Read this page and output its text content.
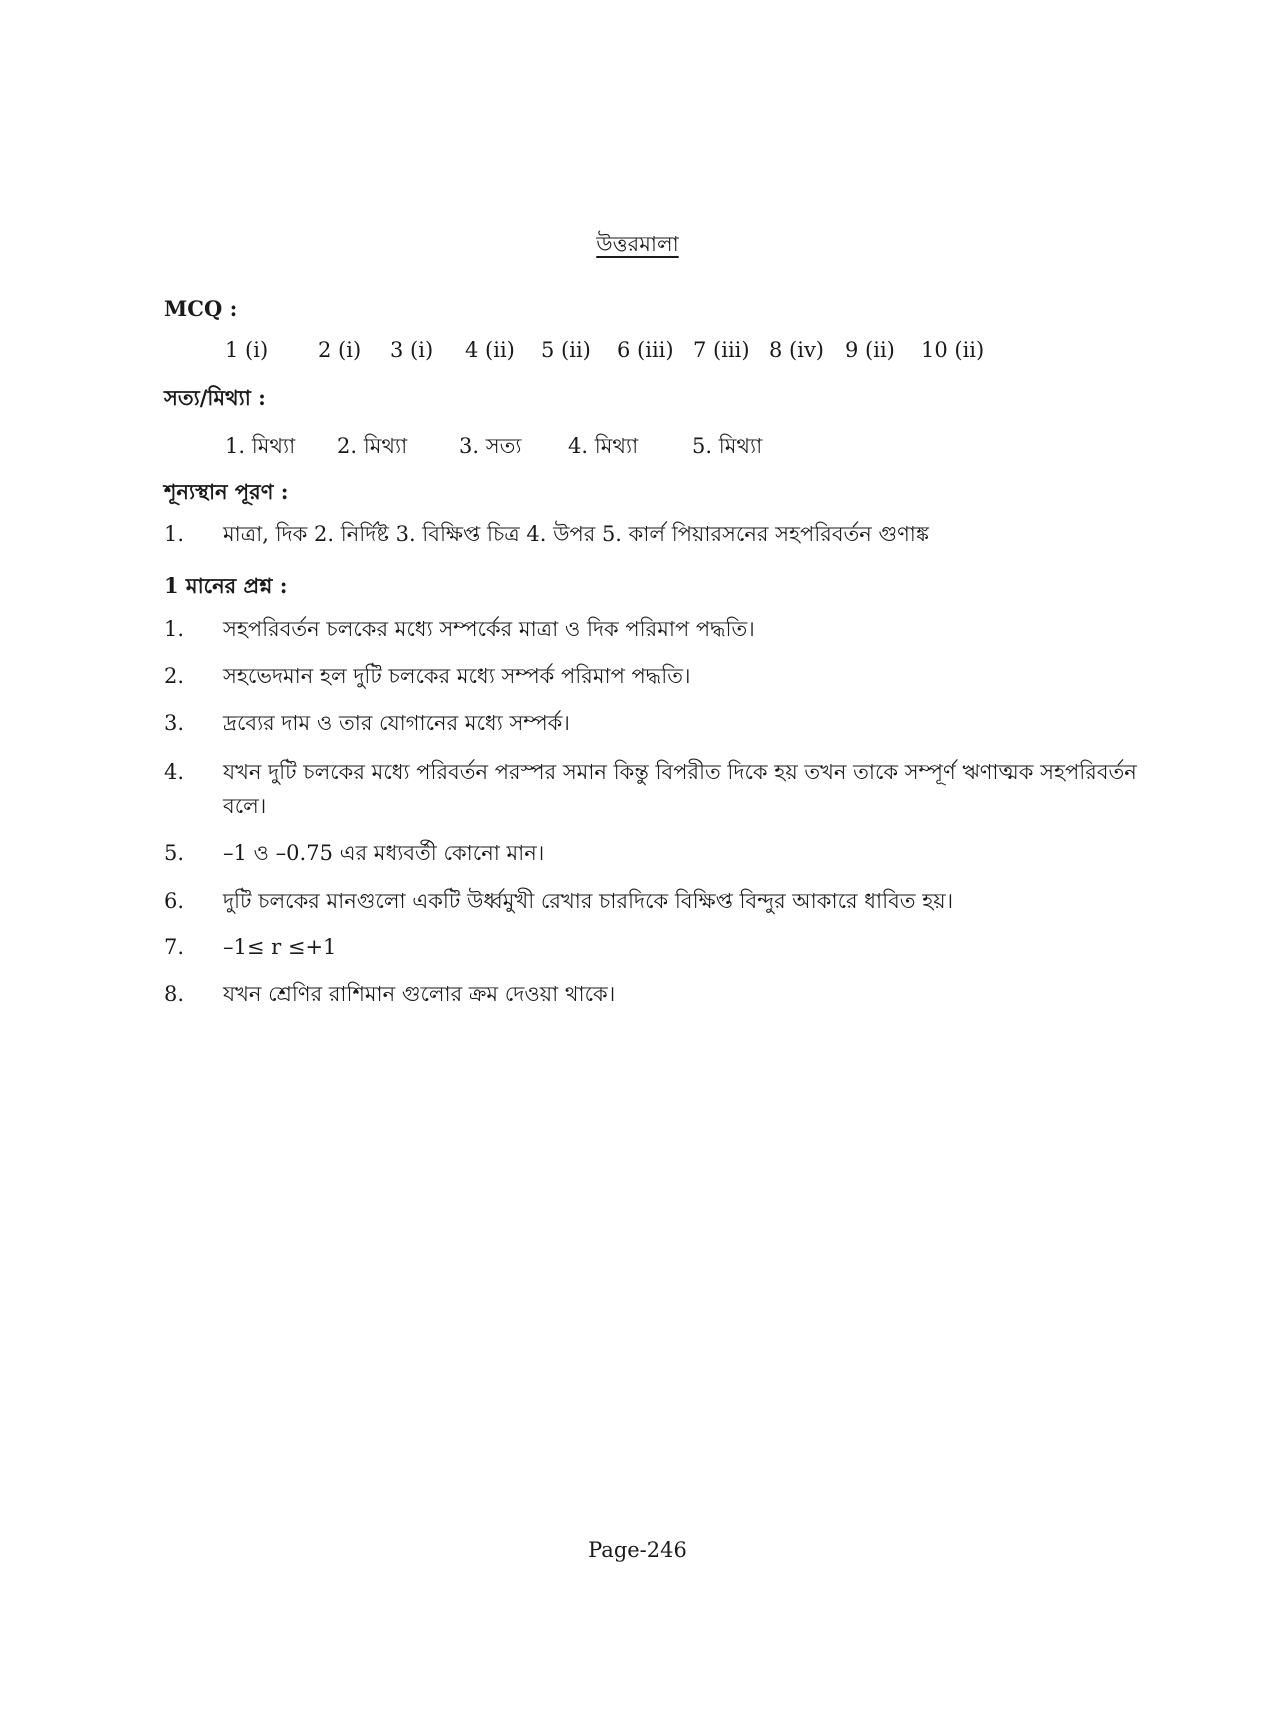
উত্তরমালা
MCQ :
1 (i) 2 (i) 3 (i) 4 (ii) 5 (ii) 6 (iii) 7 (iii) 8 (iv) 9 (ii) 10 (ii)
সত্য/মিথ্যা :
1. মিথ্যা 2. মিথ্যা 3. সত্য 4. মিথ্যা	5. মিথ্যা
শূন্যস্থান পূরণ :
1. মাত্রা, দিক 2. নির্দিষ্ট 3. বিক্ষিপ্ত চিত্র 4. উপর 5. কার্ল পিয়ারসনের সহপরিবর্তন গুণাঙ্ক
1 মানের প্রশ্ন :
1. সহপরিবর্তন চলকের মধ্যে সম্পর্কের মাত্রা ও দিক পরিমাপ পদ্ধতি।
2. সহভেদমান হল দুটি চলকের মধ্যে সম্পর্ক পরিমাপ পদ্ধতি।
3. দ্রব্যের দাম ও তার যোগানের মধ্যে সম্পর্ক।
4. যখন দুটি চলকের মধ্যে পরিবর্তন পরস্পর সমান কিন্তু বিপরীত দিকে হয় তখন তাকে সম্পূর্ণ ঋণাত্মক সহপরিবর্তন বলে।
5. –1 ও –0.75 এর মধ্যবর্তী কোনো মান।
6. দুটি চলকের মানগুলো একটি উর্ধ্বমুখী রেখার চারদিকে বিক্ষিপ্ত বিন্দুর আকারে ধাবিত হয়।
7. –1≤ r ≤+1
8. যখন শ্রেণির রাশিমান গুলোর ক্রম দেওয়া থাকে।
Page-246
